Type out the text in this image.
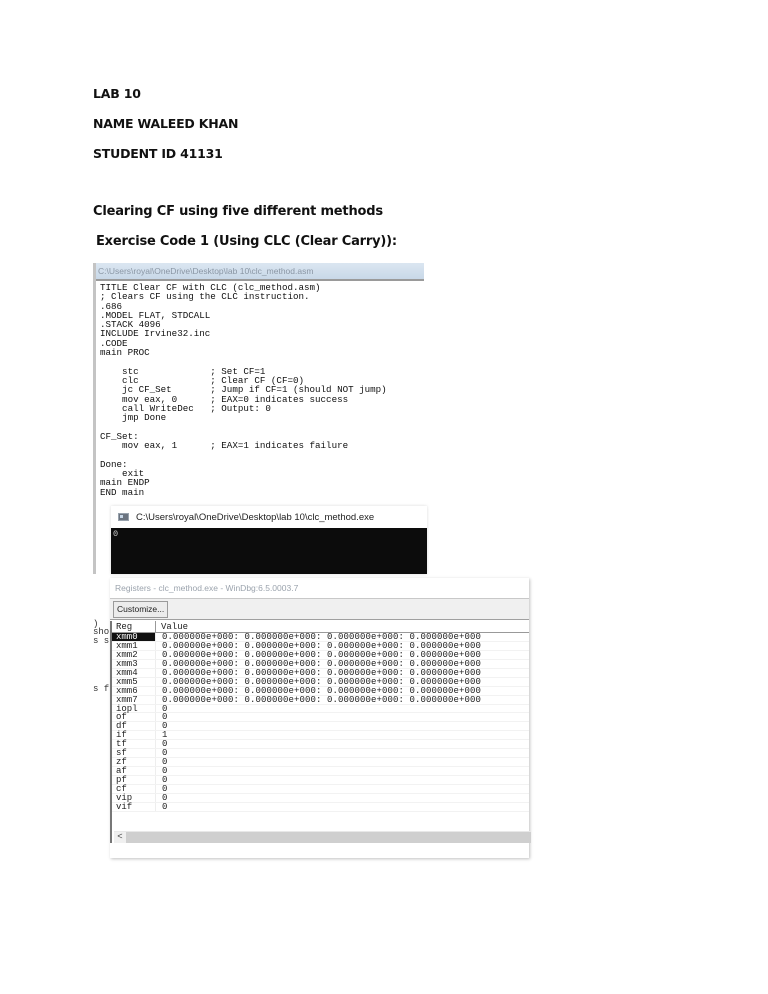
LAB 10
NAME WALEED KHAN
STUDENT ID 41131
Clearing CF using five different methods
Exercise Code 1 (Using CLC (Clear Carry)):
C:\Users\royal\OneDrive\Desktop\lab 10\clc_method.asm
TITLE Clear CF with CLC (clc_method.asm)
; Clears CF using the CLC instruction.
.686
.MODEL FLAT, STDCALL
.STACK 4096
INCLUDE Irvine32.inc
.CODE
main PROC
stc             ; Set CF=1
clc             ; Clear CF (CF=0)
jc CF_Set       ; Jump if CF=1 (should NOT jump)
mov eax, 0      ; EAX=0 indicates success
call WriteDec   ; Output: 0
jmp Done
CF_Set:
mov eax, 1      ; EAX=1 indicates failure
Done:
exit
main ENDP
END main
C:\Users\royal\OneDrive\Desktop\lab 10\clc_method.exe
0
)
sho
s s
s f
Registers - clc_method.exe - WinDbg:6.5.0003.7
Customize...
Reg	Value
xmm0	0.000000e+000: 0.000000e+000: 0.000000e+000: 0.000000e+000
xmm1	0.000000e+000: 0.000000e+000: 0.000000e+000: 0.000000e+000
xmm2	0.000000e+000: 0.000000e+000: 0.000000e+000: 0.000000e+000
xmm3	0.000000e+000: 0.000000e+000: 0.000000e+000: 0.000000e+000
xmm4	0.000000e+000: 0.000000e+000: 0.000000e+000: 0.000000e+000
xmm5	0.000000e+000: 0.000000e+000: 0.000000e+000: 0.000000e+000
xmm6	0.000000e+000: 0.000000e+000: 0.000000e+000: 0.000000e+000
xmm7	0.000000e+000: 0.000000e+000: 0.000000e+000: 0.000000e+000
iopl	0
of	0
df	0
if	1
tf	0
sf	0
zf	0
af	0
pf	0
cf	0
vip	0
vif	0
<
